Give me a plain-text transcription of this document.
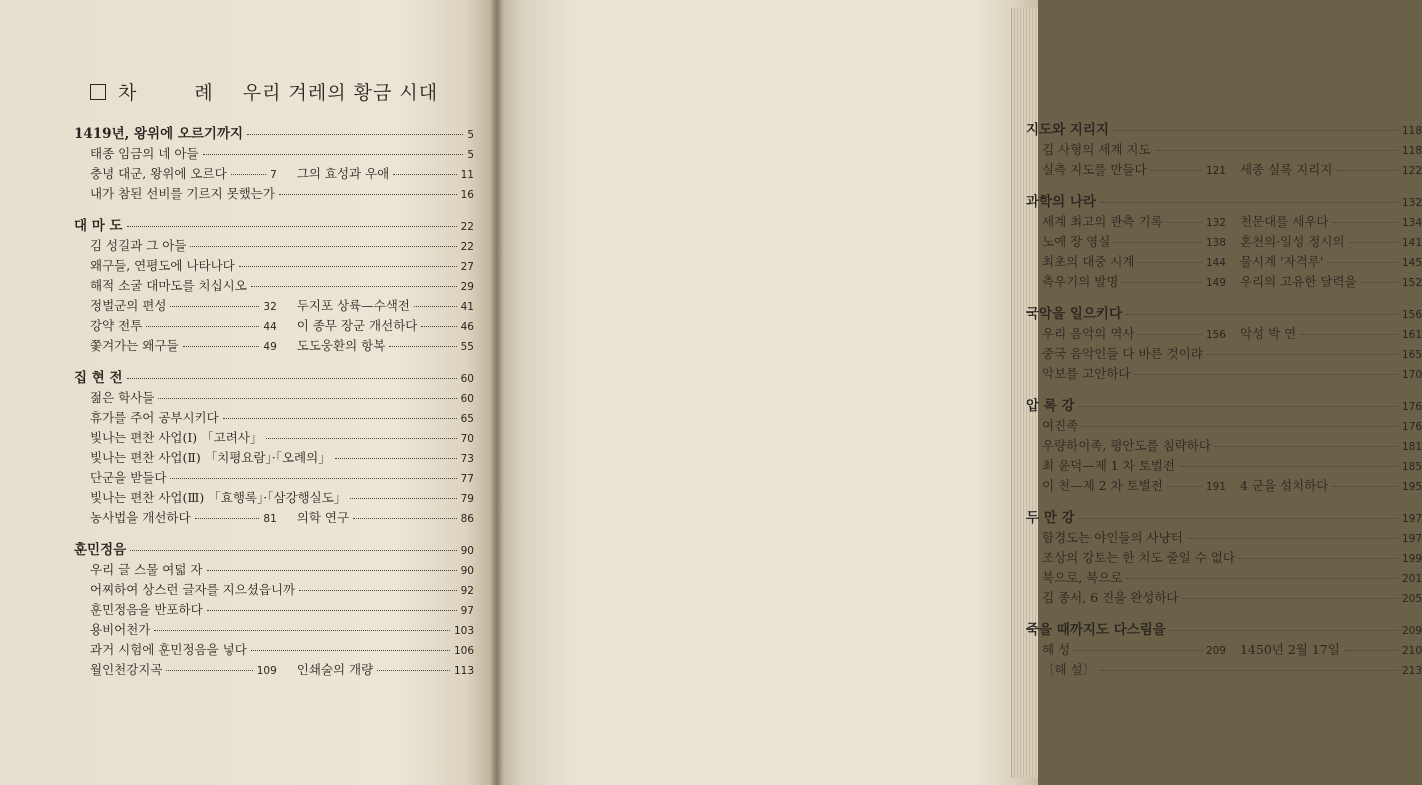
차 례 우리 겨레의 황금 시대
1419년, 왕위에 오르기까지	5
태종 임금의 네 아들	5
충녕 대군, 왕위에 오르다	7 그의 효성과 우애	11
내가 참된 선비를 기르지 못했는가	16
대 마 도	22
김 성길과 그 아들	22
왜구들, 연평도에 나타나다	27
해적 소굴 대마도를 치십시오	29
정벌군의 편성	32 두지포 상륙—수색전	41
강약 전투	44 이 종무 장군 개선하다	46
쫓겨가는 왜구들	49 도도웅환의 항복	55
집 현 전	60
젊은 학사들	60
휴가를 주어 공부시키다	65
빛나는 편찬 사업(Ⅰ) 「고려사」	70
빛나는 편찬 사업(Ⅱ) 「치평요람」·「오례의」	73
단군을 받들다	77
빛나는 편찬 사업(Ⅲ) 「효행록」·「삼강행실도」	79
농사법을 개선하다	81 의학 연구	86
훈민정음	90
우리 글 스물 여덟 자	90
어찌하여 상스런 글자를 지으셨읍니까	92
훈민정음을 반포하다	97
용비어천가	103
과거 시험에 훈민정음을 넣다	106
월인천강지곡	109 인쇄술의 개량	113
지도와 지리지	118
김 사형의 세계 지도	118
실측 지도를 만들다	121 세종 실록 지리지	122
과학의 나라	132
세계 최고의 관측 기록	132 천문대를 세우다	134
노예 장 영실	138 혼천의·일성 정시의	141
최초의 대중 시계	144 물시계 '자격루'	145
측우기의 발명	149 우리의 고유한 달력을	152
국악을 일으키다	156
우리 음악의 역사	156 악성 박 연	161
중국 음악인들 다 바른 것이랴	165
악보를 고안하다	170
압 록 강	176
여진족	176
우량하이족, 평안도를 침략하다	181
최 윤덕—제 1 차 토벌전	185
이 천—제 2 차 토벌전	191 4 군을 설치하다	195
두 만 강	197
함경도는 야인들의 사냥터	197
조상의 강토는 한 치도 줄일 수 없다	199
북으로, 북으로	201
김 종서, 6 진을 완성하다	205
죽을 때까지도 다스림을	209
혜 성	209 1450년 2월 17일	210
〔해 설〕	213
